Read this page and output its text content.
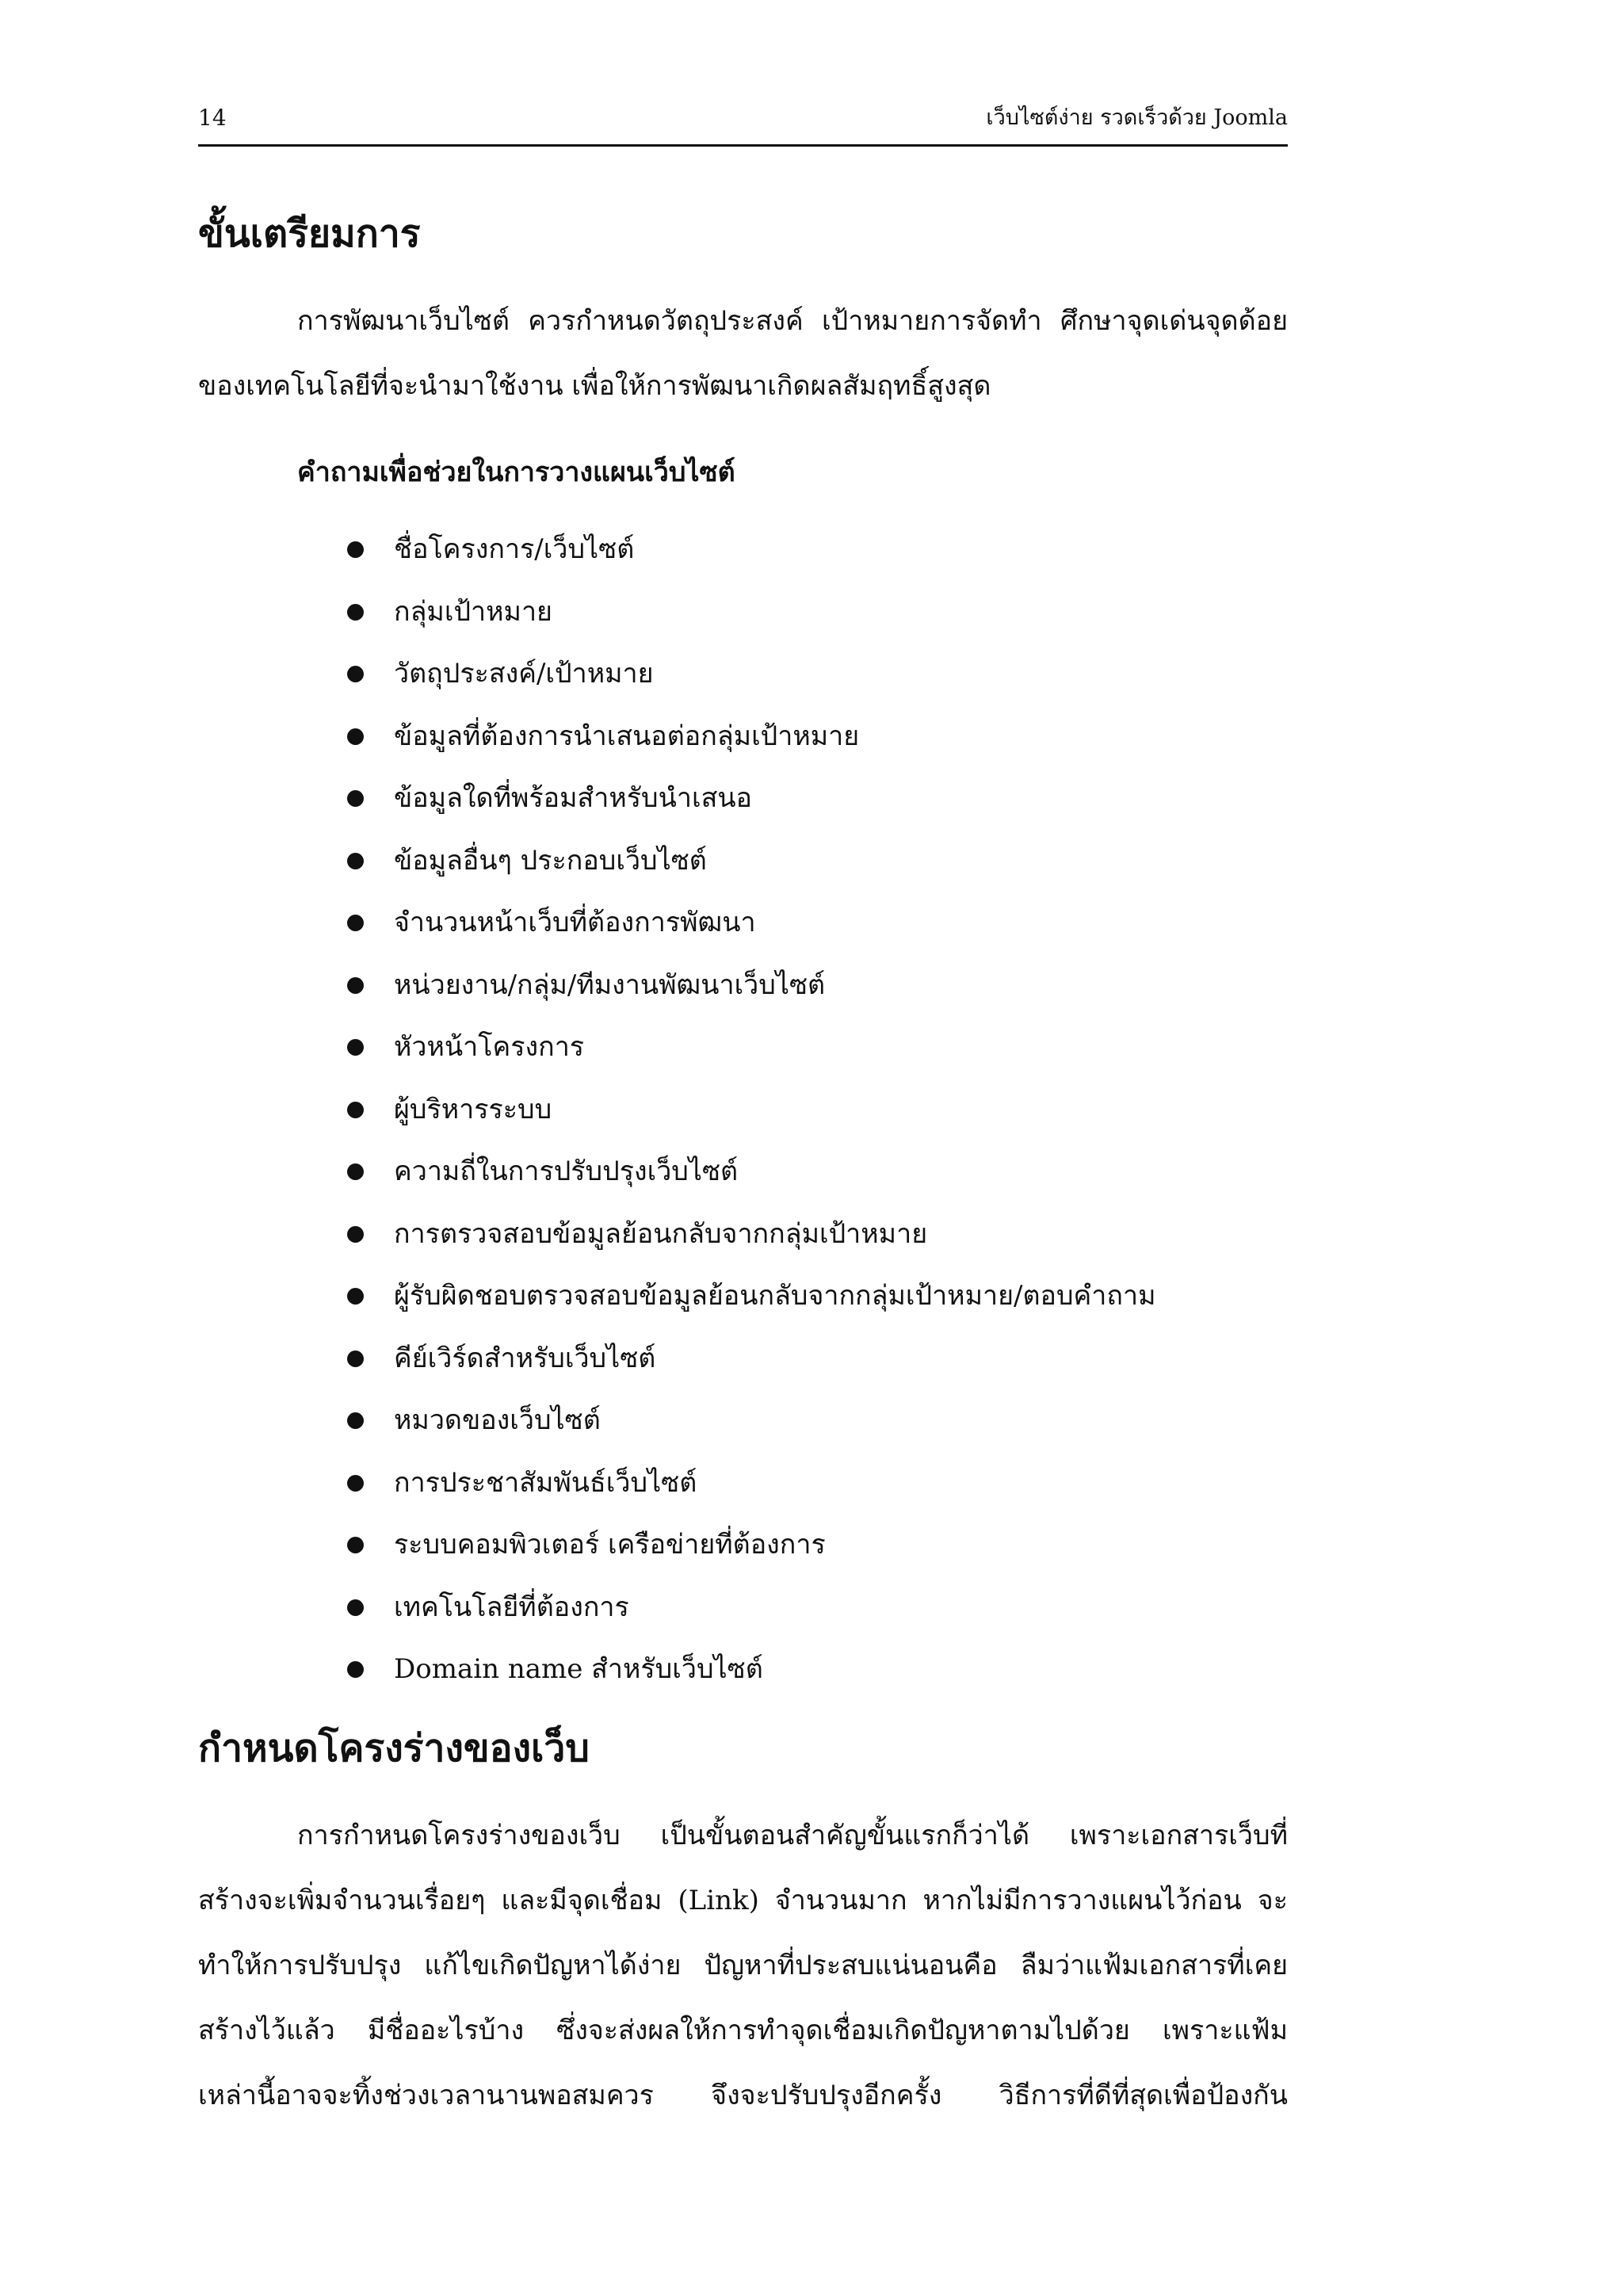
14	เว็บไซต์ง่าย รวดเร็วด้วย Joomla
ขั้นเตรียมการ
การพัฒนาเว็บไซต์ ควรกำหนดวัตถุประสงค์ เป้าหมายการจัดทำ ศึกษาจุดเด่นจุดด้อย
ของเทคโนโลยีที่จะนำมาใช้งาน เพื่อให้การพัฒนาเกิดผลสัมฤทธิ์สูงสุด
คำถามเพื่อช่วยในการวางแผนเว็บไซต์
ชื่อโครงการ/เว็บไซต์
กลุ่มเป้าหมาย
วัตถุประสงค์/เป้าหมาย
ข้อมูลที่ต้องการนำเสนอต่อกลุ่มเป้าหมาย
ข้อมูลใดที่พร้อมสำหรับนำเสนอ
ข้อมูลอื่นๆ ประกอบเว็บไซต์
จำนวนหน้าเว็บที่ต้องการพัฒนา
หน่วยงาน/กลุ่ม/ทีมงานพัฒนาเว็บไซต์
หัวหน้าโครงการ
ผู้บริหารระบบ
ความถี่ในการปรับปรุงเว็บไซต์
การตรวจสอบข้อมูลย้อนกลับจากกลุ่มเป้าหมาย
ผู้รับผิดชอบตรวจสอบข้อมูลย้อนกลับจากกลุ่มเป้าหมาย/ตอบคำถาม
คีย์เวิร์ดสำหรับเว็บไซต์
หมวดของเว็บไซต์
การประชาสัมพันธ์เว็บไซต์
ระบบคอมพิวเตอร์ เครือข่ายที่ต้องการ
เทคโนโลยีที่ต้องการ
Domain name สำหรับเว็บไซต์
กำหนดโครงร่างของเว็บ
การกำหนดโครงร่างของเว็บ เป็นขั้นตอนสำคัญขั้นแรกก็ว่าได้ เพราะเอกสารเว็บที่
สร้างจะเพิ่มจำนวนเรื่อยๆ และมีจุดเชื่อม (Link) จำนวนมาก หากไม่มีการวางแผนไว้ก่อน จะ
ทำให้การปรับปรุง แก้ไขเกิดปัญหาได้ง่าย ปัญหาที่ประสบแน่นอนคือ ลืมว่าแฟ้มเอกสารที่เคย
สร้างไว้แล้ว มีชื่ออะไรบ้าง ซึ่งจะส่งผลให้การทำจุดเชื่อมเกิดปัญหาตามไปด้วย เพราะแฟ้ม
เหล่านี้อาจจะทิ้งช่วงเวลานานพอสมควร จึงจะปรับปรุงอีกครั้ง วิธีการที่ดีที่สุดเพื่อป้องกัน
